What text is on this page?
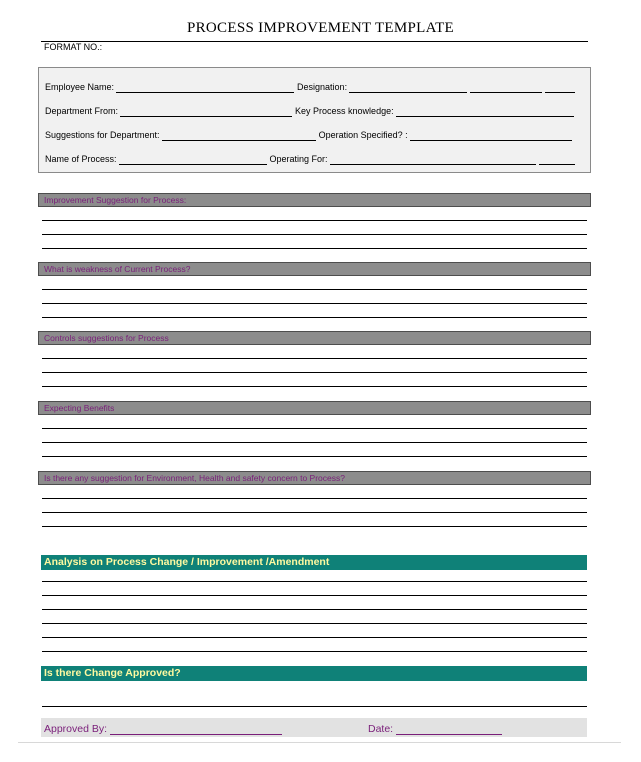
PROCESS IMPROVEMENT TEMPLATE
FORMAT NO.:
Employee Name:	Designation:
Department From:	Key Process knowledge:
Suggestions for Department:	Operation Specified? :
Name of Process:	Operating For:
Improvement Suggestion for Process:
What is weakness of Current Process?
Controls suggestions for Process
Expecting Benefits
Is there any suggestion for Environment, Health and safety concern to Process?
Analysis on Process Change / Improvement /Amendment
Is there Change Approved?
Approved By:	Date:
